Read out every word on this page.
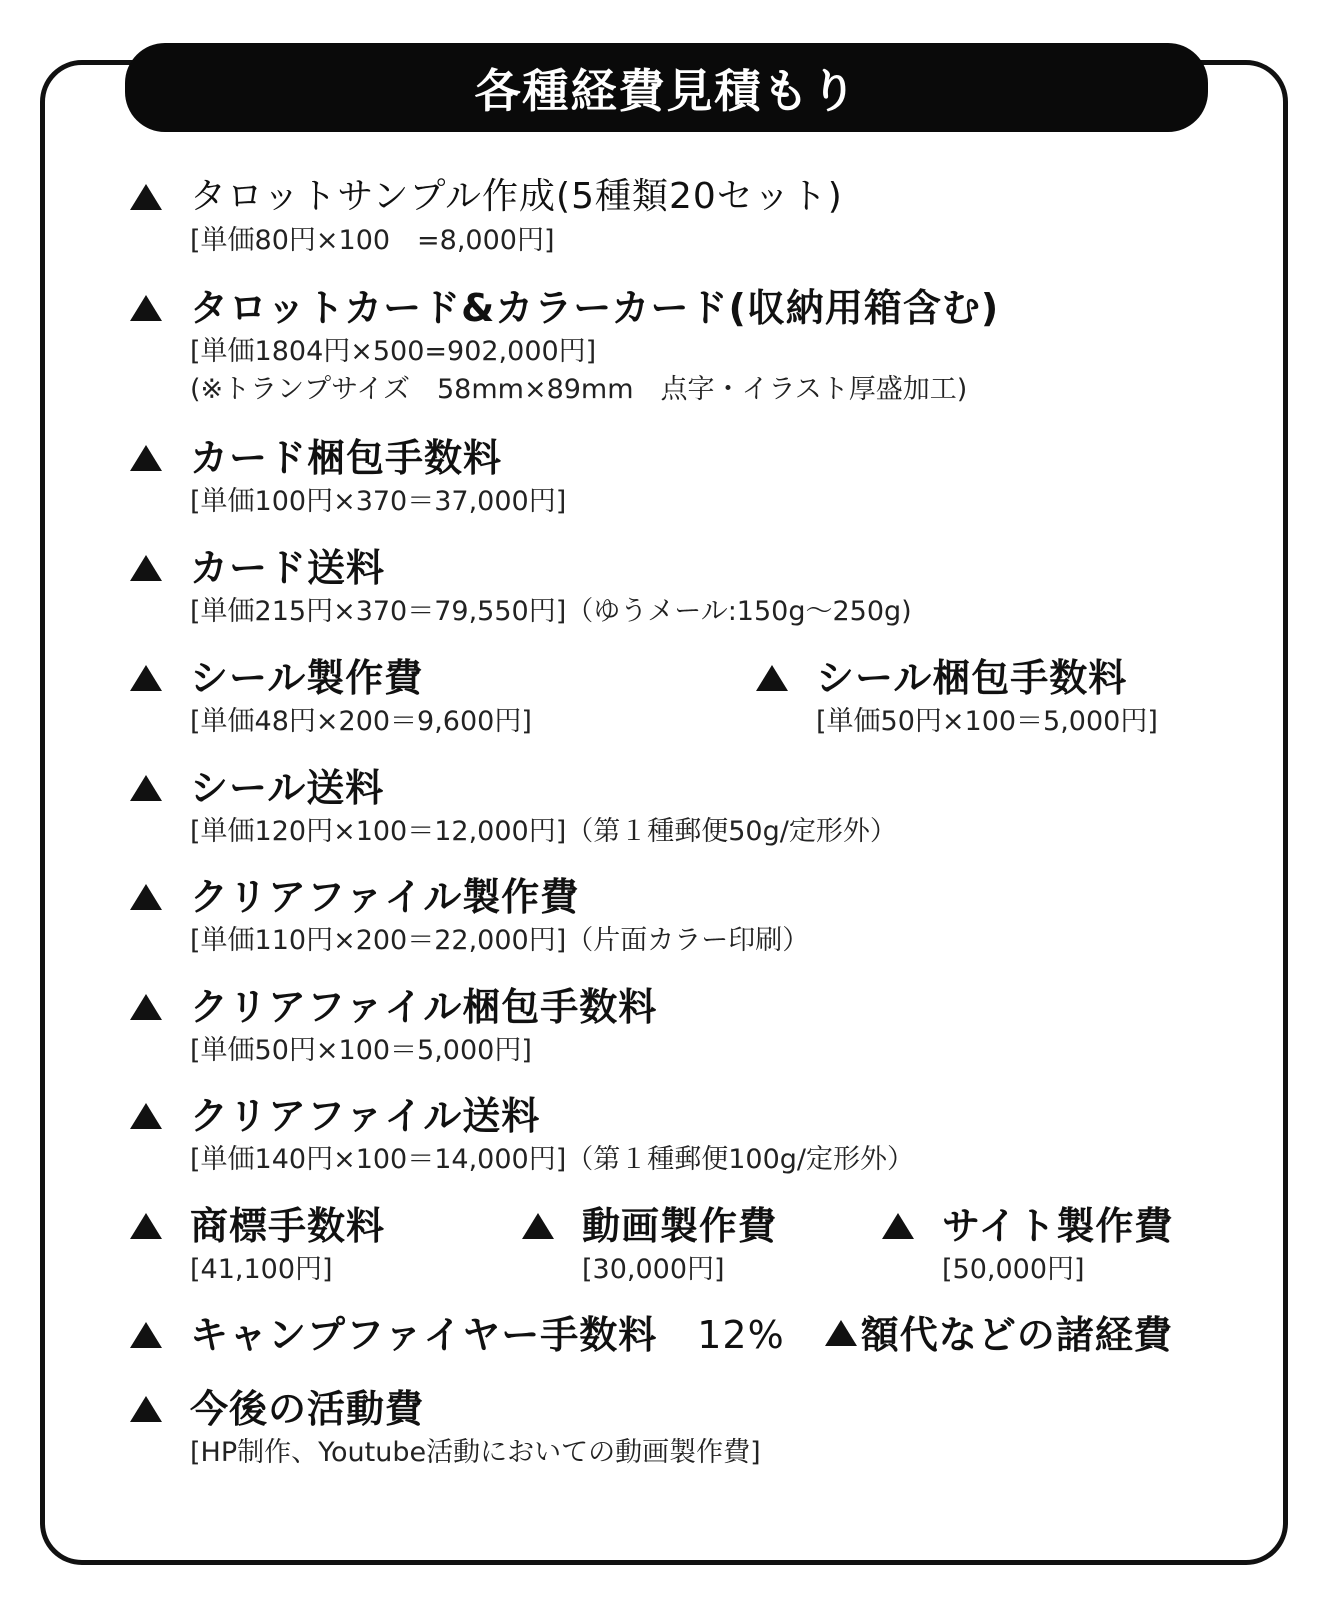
各種経費見積もり
タロットサンプル作成(5種類20セット)
[単価80円×100　=8,000円]
タロットカード&カラーカード(収納用箱含む)
[単価1804円×500=902,000円]
(※トランプサイズ　58mm×89mm　点字・イラスト厚盛加工)
カード梱包手数料
[単価100円×370＝37,000円]
カード送料
[単価215円×370＝79,550円]（ゆうメール:150g〜250g)
シール製作費
[単価48円×200＝9,600円]
シール梱包手数料
[単価50円×100＝5,000円]
シール送料
[単価120円×100＝12,000円]（第１種郵便50g/定形外）
クリアファイル製作費
[単価110円×200＝22,000円]（片面カラー印刷）
クリアファイル梱包手数料
[単価50円×100＝5,000円]
クリアファイル送料
[単価140円×100＝14,000円]（第１種郵便100g/定形外）
商標手数料
[41,100円]
動画製作費
[30,000円]
サイト製作費
[50,000円]
キャンプファイヤー手数料 12% 額代などの諸経費
今後の活動費
[HP制作、Youtube活動においての動画製作費]
